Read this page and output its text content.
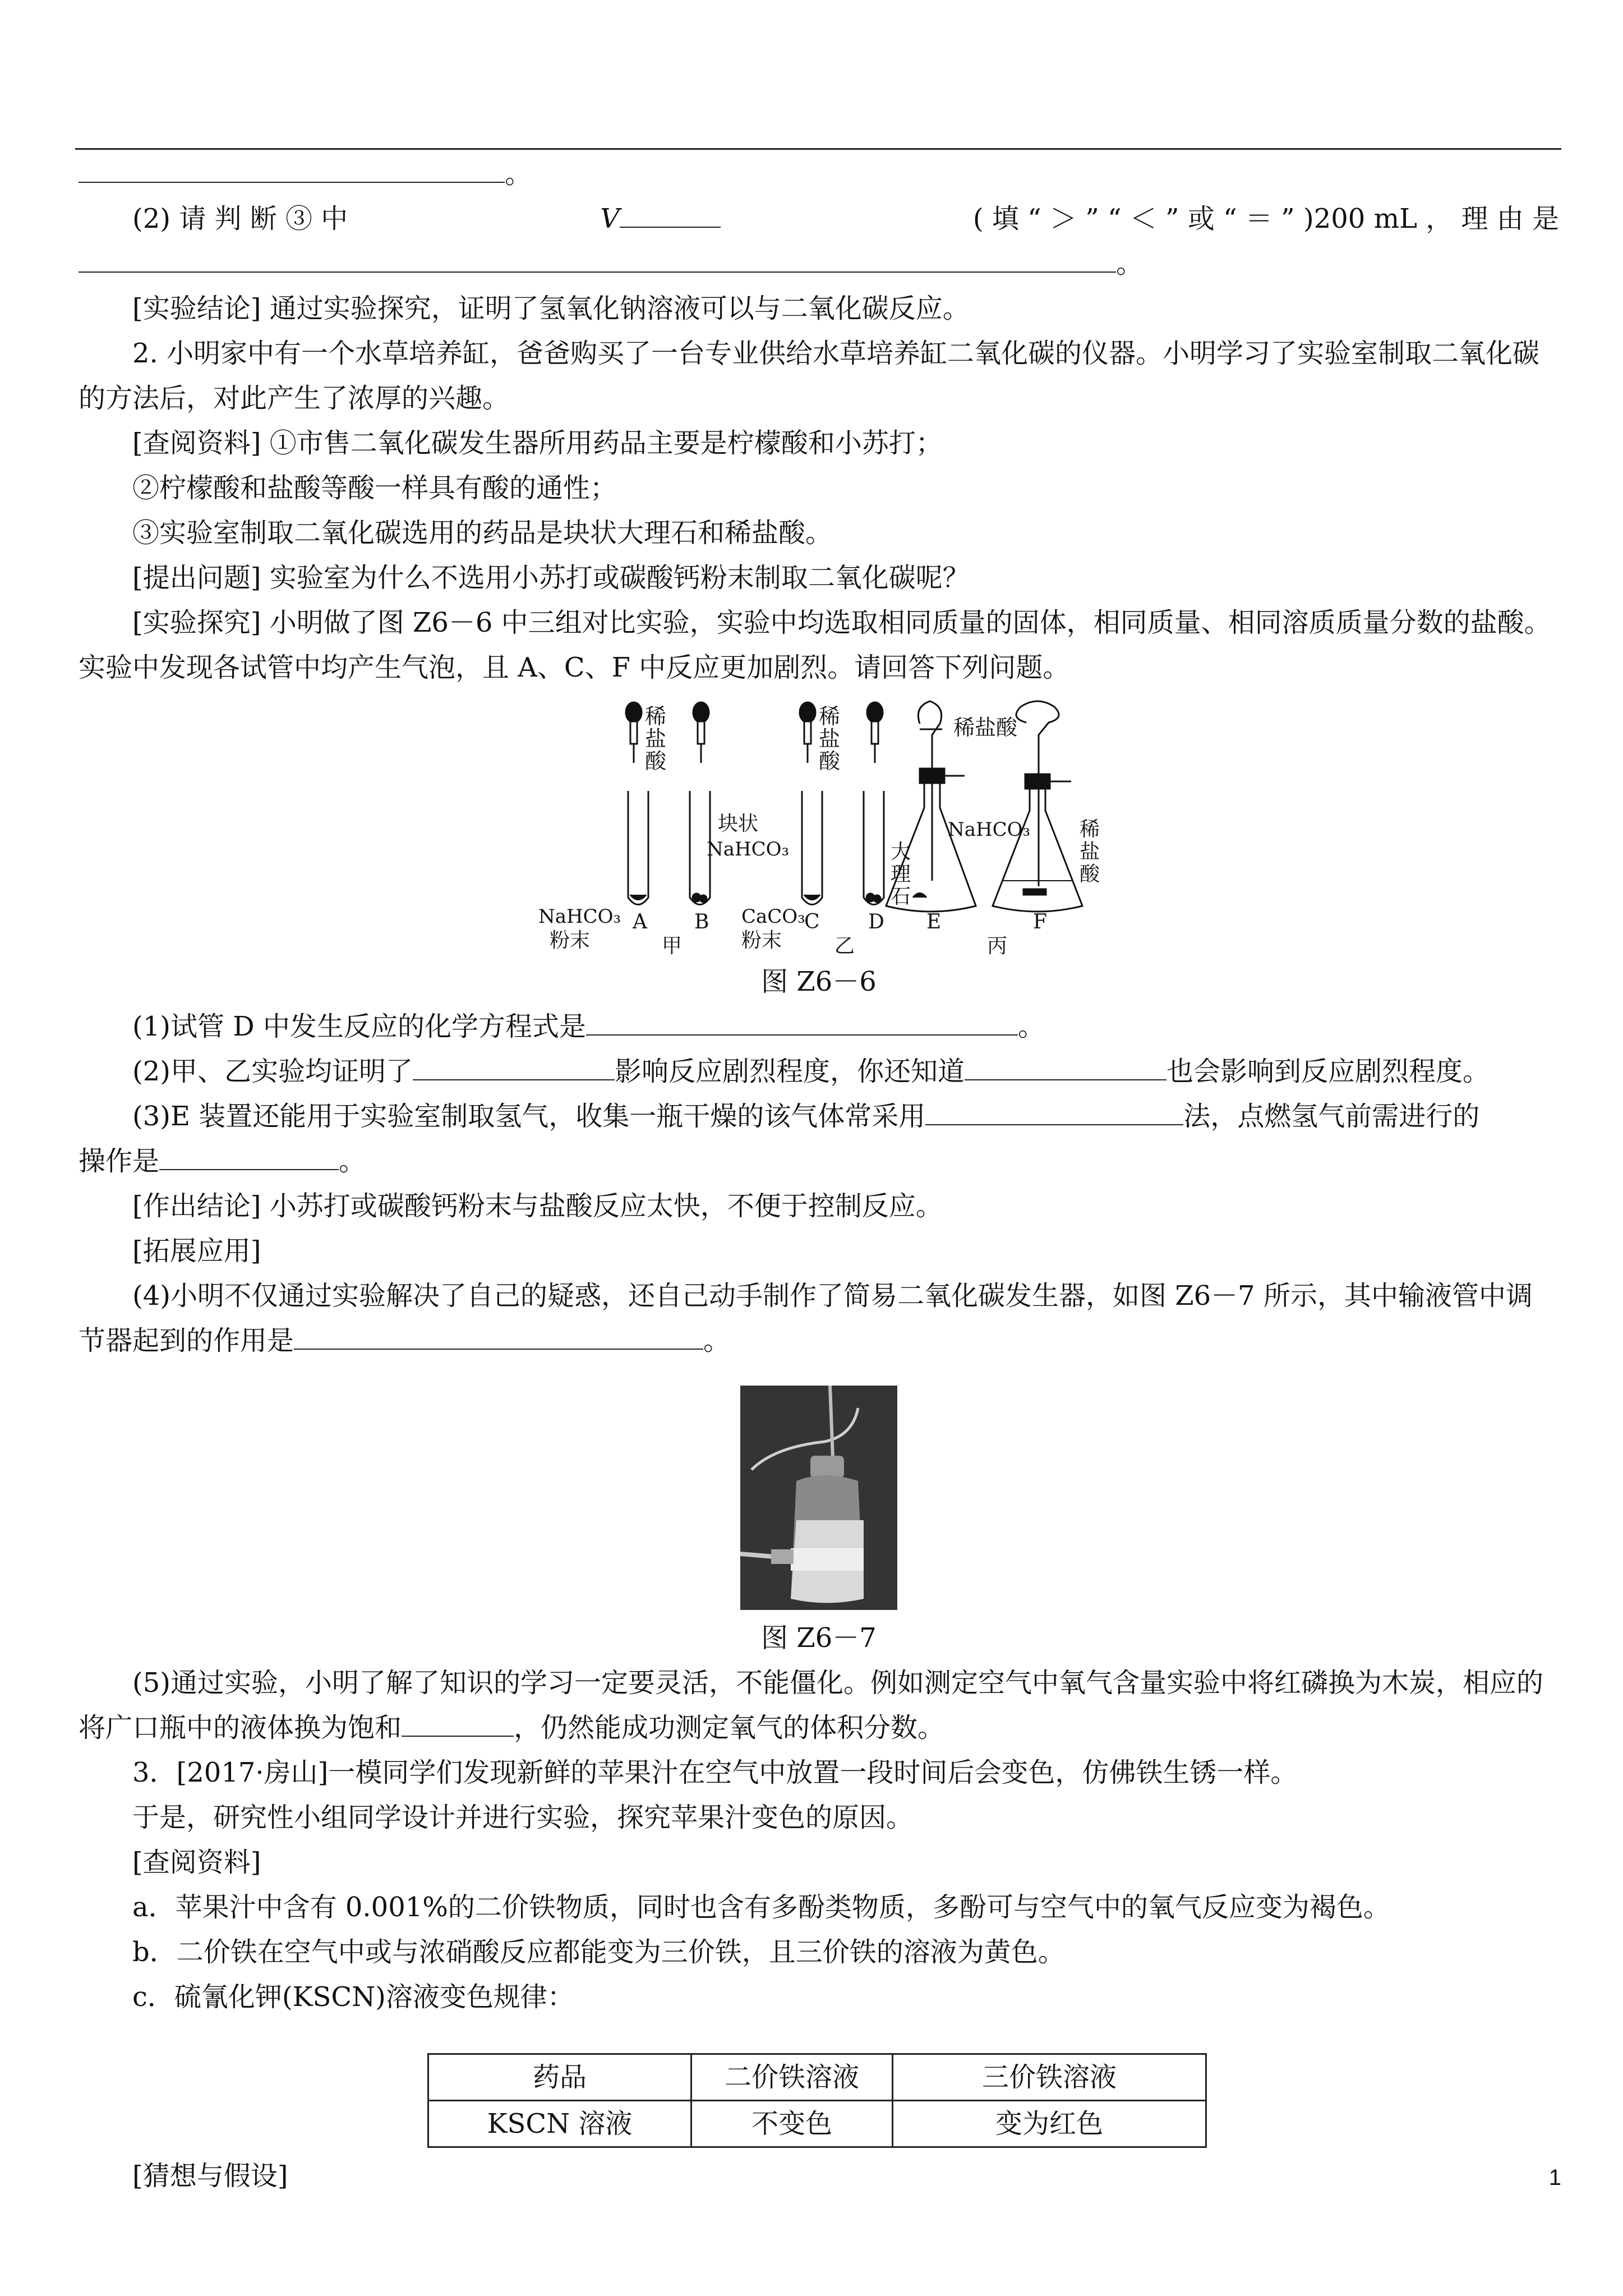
。

(2) 请 判 断 ③ 中	V	( 填 “ ＞ ” “ ＜ ” 或 “ ＝ ” )200 mL ， 理 由 是

。

[实验结论] 通过实验探究，证明了氢氧化钠溶液可以与二氧化碳反应。

2. 小明家中有一个水草培养缸，爸爸购买了一台专业供给水草培养缸二氧化碳的仪器。小明学习了实验室制取二氧化碳的方法后，对此产生了浓厚的兴趣。

[查阅资料] ①市售二氧化碳发生器所用药品主要是柠檬酸和小苏打；

②柠檬酸和盐酸等酸一样具有酸的通性；

③实验室制取二氧化碳选用的药品是块状大理石和稀盐酸。

[提出问题] 实验室为什么不选用小苏打或碳酸钙粉末制取二氧化碳呢？

[实验探究] 小明做了图 Z6－6 中三组对比实验，实验中均选取相同质量的固体，相同质量、相同溶质质量分数的盐酸。实验中发现各试管中均产生气泡，且 A、C、F 中反应更加剧烈。请回答下列问题。

稀
盐
酸
稀
盐
酸
稀盐酸
块状
NaHCO₃
NaHCO₃
粉末
CaCO₃
粉末
大
理
石
NaHCO₃ 稀
盐
酸
A B	C D E	F
甲	乙	丙
图 Z6－6

(1)试管 D 中发生反应的化学方程式是	。

(2)甲、乙实验均证明了	影响反应剧烈程度，你还知道	也会影响到反应剧烈程度。

(3)E 装置还能用于实验室制取氢气，收集一瓶干燥的该气体常采用	法，点燃氢气前需进行的

操作是	。

[作出结论] 小苏打或碳酸钙粉末与盐酸反应太快，不便于控制反应。

[拓展应用]

(4)小明不仅通过实验解决了自己的疑惑，还自己动手制作了简易二氧化碳发生器，如图 Z6－7 所示，其中输液管中调节器起到的作用是	。

图 Z6－7

(5)通过实验，小明了解了知识的学习一定要灵活，不能僵化。例如测定空气中氧气含量实验中将红磷换为木炭，相应的将广口瓶中的液体换为饱和	，仍然能成功测定氧气的体积分数。

3．[2017·房山]一模同学们发现新鲜的苹果汁在空气中放置一段时间后会变色，仿佛铁生锈一样。

于是，研究性小组同学设计并进行实验，探究苹果汁变色的原因。

[查阅资料]

a．苹果汁中含有 0.001%的二价铁物质，同时也含有多酚类物质，多酚可与空气中的氧气反应变为褐色。

b．二价铁在空气中或与浓硝酸反应都能变为三价铁，且三价铁的溶液为黄色。

c．硫氰化钾(KSCN)溶液变色规律：

药品	二价铁溶液	三价铁溶液
KSCN 溶液	不变色	变为红色

[猜想与假设]	1
